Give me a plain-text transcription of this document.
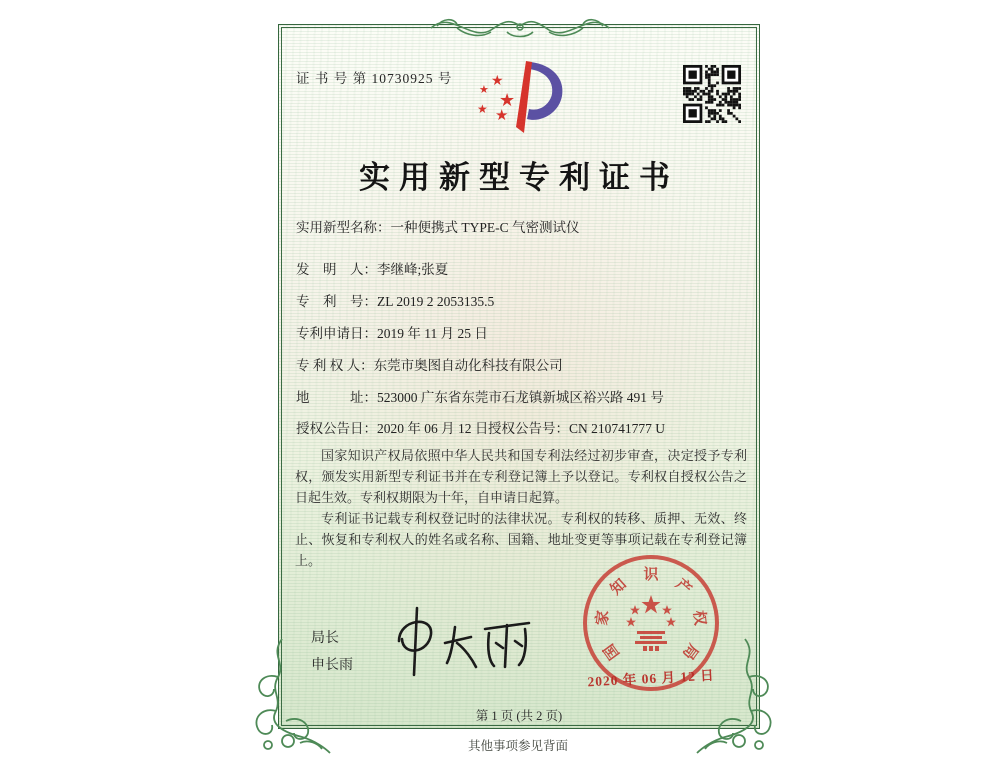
证 书 号 第 10730925 号
★
★
★
★ ★
实用新型专利证书
实用新型名称：一种便携式 TYPE-C 气密测试仪
发　明　人：李继峰;张夏
专　利　号：ZL 2019 2 2053135.5
专利申请日：2019 年 11 月 25 日
专 利 权 人：东莞市奥图自动化科技有限公司
地　　　址：523000 广东省东莞市石龙镇新城区裕兴路 491 号
授权公告日：2020 年 06 月 12 日 授权公告号：CN 210741777 U

国家知识产权局依照中华人民共和国专利法经过初步审查，决定授予专利权，颁发实用新型专利证书并在专利登记簿上予以登记。专利权自授权公告之日起生效。专利权期限为十年，自申请日起算。

专利证书记载专利权登记时的法律状况。专利权的转移、质押、无效、终止、恢复和专利权人的姓名或名称、国籍、地址变更等事项记载在专利登记簿上。

局长
申长雨
国
家
知
识
产
权
局
2020 年 06 月 12 日
第 1 页 (共 2 页)
其他事项参见背面
